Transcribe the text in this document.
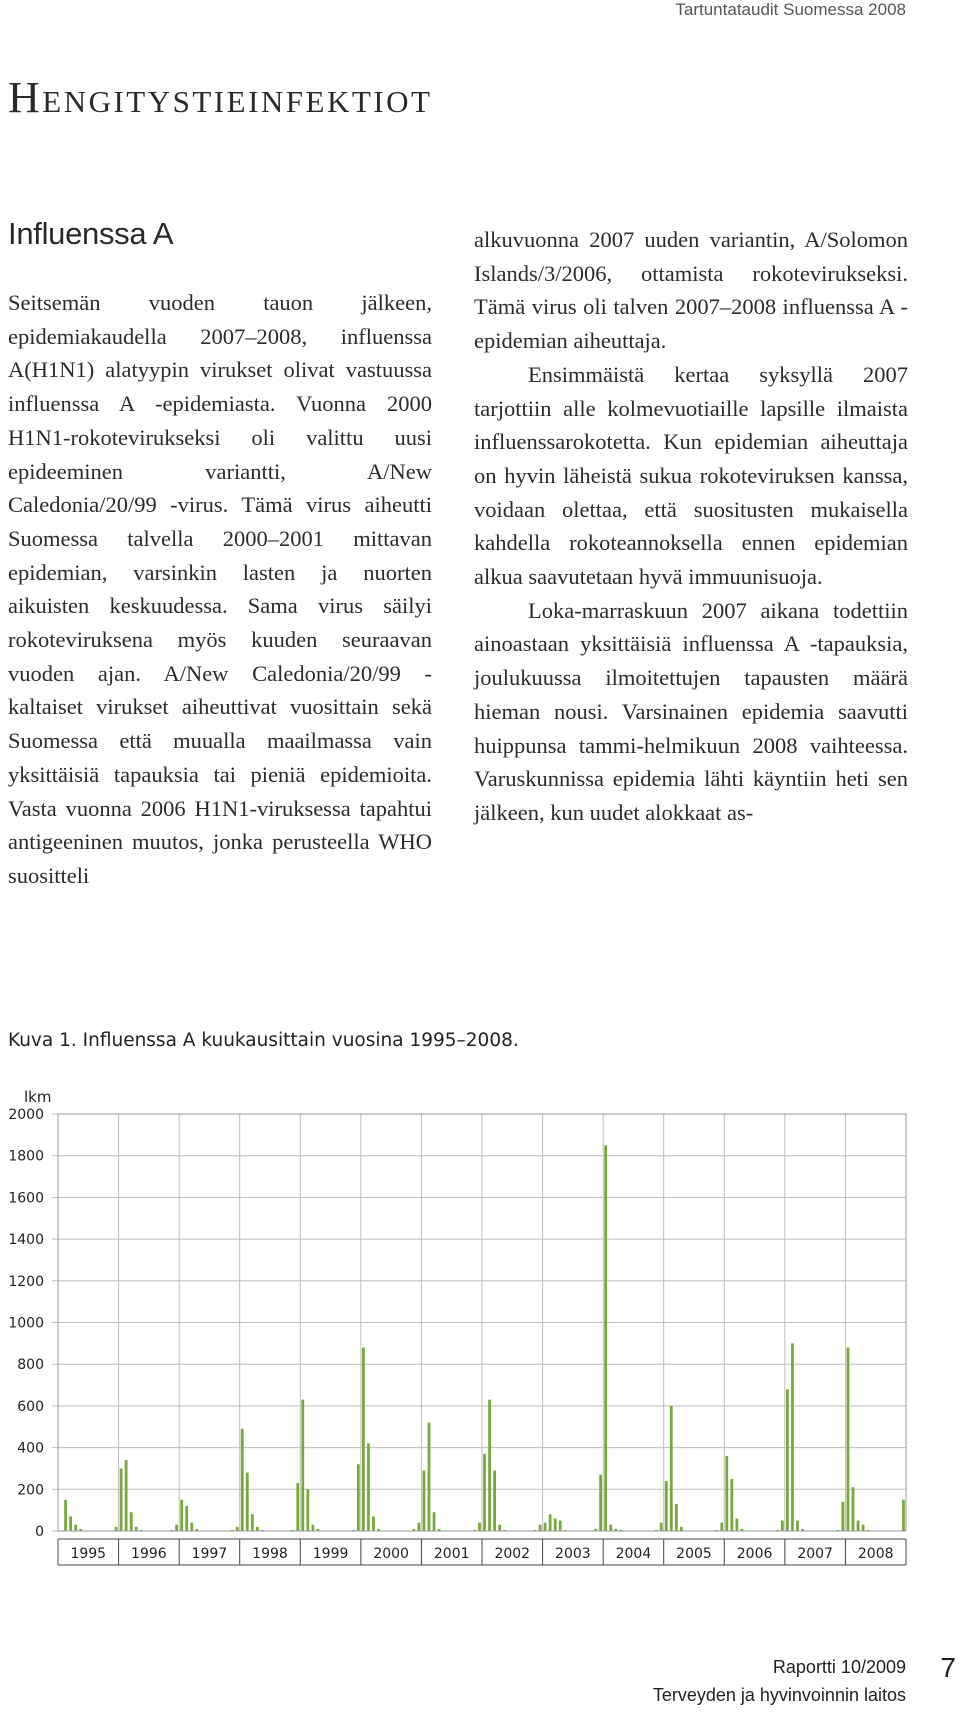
Tartuntataudit Suomessa 2008
Hengitystieinfektiot
Influenssa A

Seitsemän vuoden tauon jälkeen, epidemiakaudella 2007–2008, influenssa A(H1N1) alatyypin virukset olivat vastuussa influenssa A -epidemiasta. Vuonna 2000 H1N1-rokotevirukseksi oli valittu uusi epideeminen variantti, A/New Caledonia/20/99 -virus. Tämä virus aiheutti Suomessa talvella 2000–2001 mittavan epidemian, varsinkin lasten ja nuorten aikuisten keskuudessa. Sama virus säilyi rokoteviruksena myös kuuden seuraavan vuoden ajan. A/New Caledonia/20/99 -kaltaiset virukset aiheuttivat vuosittain sekä Suomessa että muualla maailmassa vain yksittäisiä tapauksia tai pieniä epidemioita. Vasta vuonna 2006 H1N1-viruksessa tapahtui antigeeninen muutos, jonka perusteella WHO suositteli

alkuvuonna 2007 uuden variantin, A/Solomon Islands/3/2006, ottamista rokotevirukseksi. Tämä virus oli talven 2007–2008 influenssa A -epidemian aiheuttaja.

Ensimmäistä kertaa syksyllä 2007 tarjottiin alle kolmevuotiaille lapsille ilmaista influenssarokotetta. Kun epidemian aiheuttaja on hyvin läheistä sukua rokoteviruksen kanssa, voidaan olettaa, että suositusten mukaisella kahdella rokoteannoksella ennen epidemian alkua saavutetaan hyvä immuunisuoja.

Loka-marraskuun 2007 aikana todettiin ainoastaan yksittäisiä influenssa A -tapauksia, joulukuussa ilmoitettujen tapausten määrä hieman nousi. Varsinainen epidemia saavutti huippunsa tammi-helmikuun 2008 vaihteessa. Varuskunnissa epidemia lähti käyntiin heti sen jälkeen, kun uudet alokkaat as-

Kuva 1. Influenssa A kuukausittain vuosina 1995–2008.
0
200
400
600
800
1000
1200
1400
1600
1800
2000
1995 1996 1997 1998 1999 2000 2001 2002 2003 2004 2005 2006 2007 2008
lkm
Raportti 10/2009
Terveyden ja hyvinvoinnin laitos
7
